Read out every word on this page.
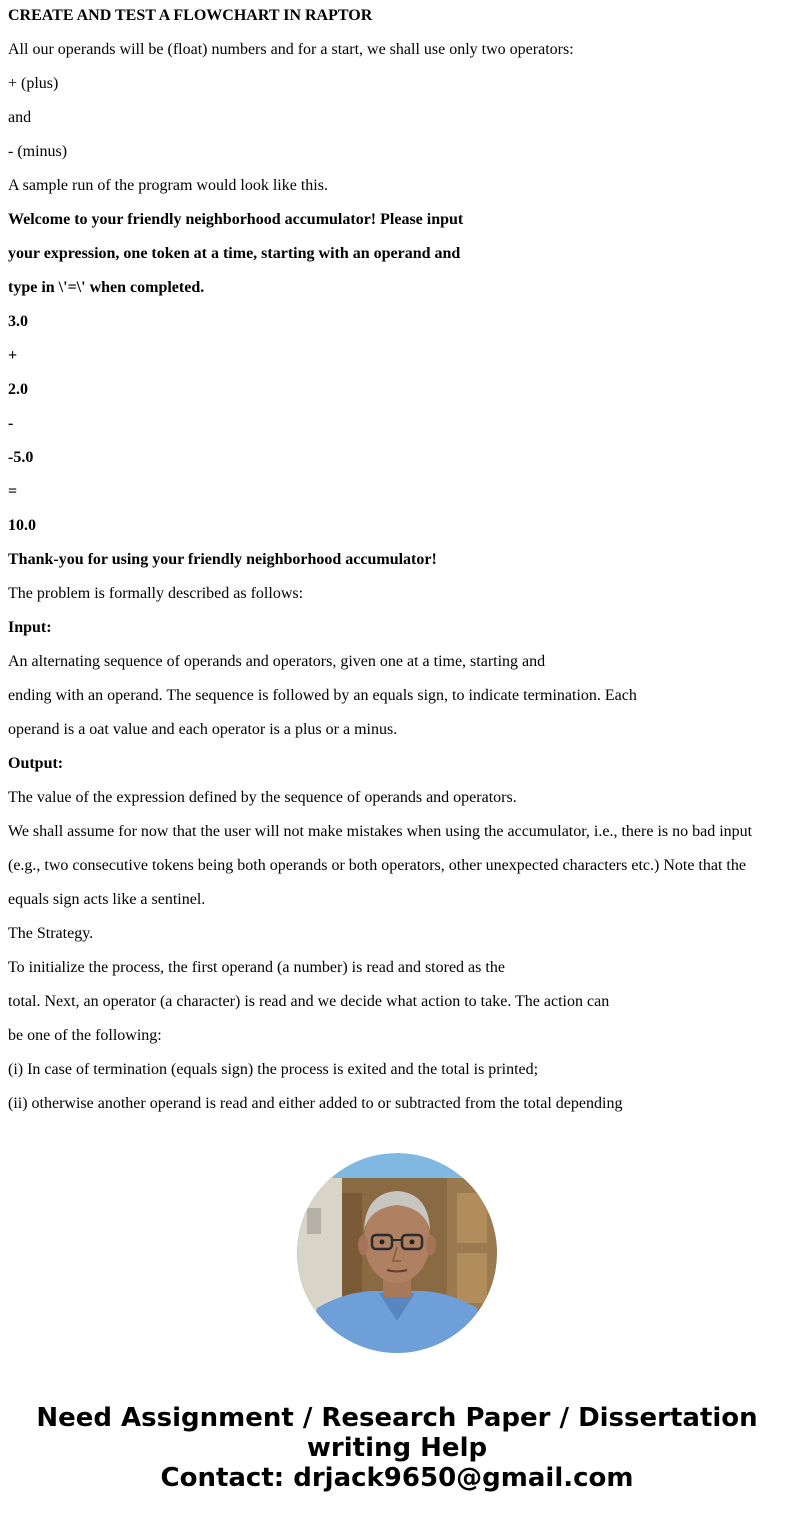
CREATE AND TEST A FLOWCHART IN RAPTOR

All our operands will be (float) numbers and for a start, we shall use only two operators:

+ (plus)

and

- (minus)

A sample run of the program would look like this.

Welcome to your friendly neighborhood accumulator! Please input

your expression, one token at a time, starting with an operand and

type in \'=\' when completed.

3.0

+

2.0

-

-5.0

=

10.0

Thank-you for using your friendly neighborhood accumulator!

The problem is formally described as follows:

Input:

An alternating sequence of operands and operators, given one at a time, starting and

ending with an operand. The sequence is followed by an equals sign, to indicate termination. Each

operand is a oat value and each operator is a plus or a minus.

Output:

The value of the expression defined by the sequence of operands and operators.

We shall assume for now that the user will not make mistakes when using the accumulator, i.e., there is no bad input

(e.g., two consecutive tokens being both operands or both operators, other unexpected characters etc.) Note that the

equals sign acts like a sentinel.

The Strategy.

To initialize the process, the first operand (a number) is read and stored as the

total. Next, an operator (a character) is read and we decide what action to take. The action can

be one of the following:

(i) In case of termination (equals sign) the process is exited and the total is printed;

(ii) otherwise another operand is read and either added to or subtracted from the total depending

Need Assignment / Research Paper / Dissertation
writing Help
Contact: drjack9650@gmail.com
